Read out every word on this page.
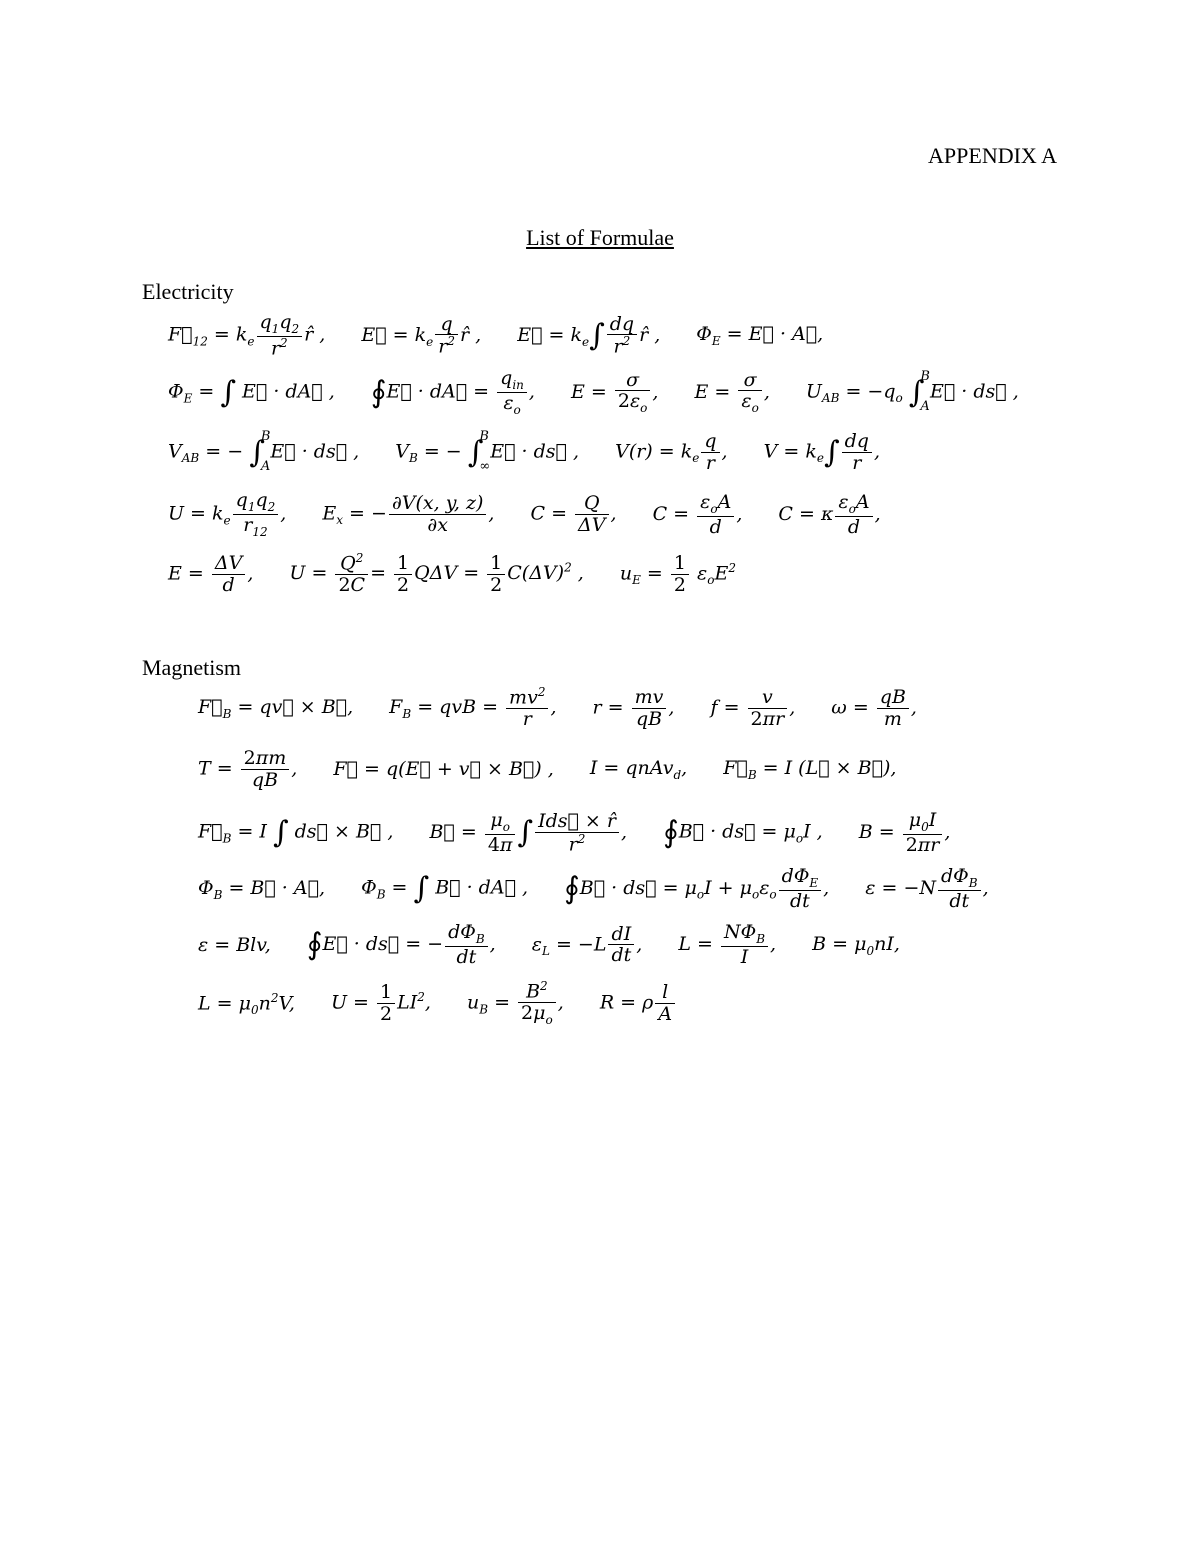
APPENDIX A
List of Formulae
Electricity
$F⃗_{12} = k_e \frac{q_1q_2}{r^2}$ r̂ , E⃗ = $k_e \frac{q}{r^2}$ r̂ , E⃗ = $k_e\int \frac{dq}{r^2}$ r̂ , $\Phi_E$ = E⃗ · A⃗,
$\Phi_E$ = ∫ E⃗ · dA⃗ , ∮E⃗ · dA⃗ = $\frac{q_{in}}{\varepsilon_o}$ , $E = \frac{\sigma}{2\varepsilon_o}$ , $E = \frac{\sigma}{\varepsilon_o}$ , $U_{AB} = -q_o$ ∫
B
A
E⃗ · ds⃗ ,
$V_{AB}$ = − ∫
B
A
E⃗ · ds⃗ , $V_B$ = − ∫
B
∞
E⃗ · ds⃗ , $V(r) = k_e \frac{q}{r}$ , $V = k_e\int \frac{dq}{r}$ ,
$U = k_e \frac{q_1q_2}{r_{12}}$ , $E_x$ = − $\frac{\partial V(x, y, z)}{\partial x}$ , $C = \frac{Q}{\Delta V}$ , $C = \frac{\varepsilon_oA}{d}$ , C = κ $\frac{\varepsilon_oA}{d}$ ,
$E = \frac{\Delta V}{d}$ , $U = \frac{Q^2}{2C} = \frac{1}{2}$ $Q\Delta V = \frac{1}{2} C(\Delta V)^2$ , $u_E = \frac{1}{2} \varepsilon_oE^2$
Magnetism
$F⃗_B$ = qv⃗ × B⃗, $F_B$ = qvB = $\frac{mv^2}{r}$ , $r = \frac{mv}{qB}$ , $f = \frac{v}{2\pi r}$ , $\omega = \frac{qB}{m}$ ,
$T = \frac{2\pi m}{qB}$ , F⃗ = q(E⃗ + v⃗ × B⃗) , I = qnAv$_d$, $F⃗_B = I$ (L⃗ × B⃗),
$F⃗_B = I$ ∫ ds⃗ × B⃗ , B⃗ = $\frac{\mu_o}{4\pi}$ ∫ $\frac{\text{Ids⃗ × r̂}}{r^2}$ , ∮B⃗ · ds⃗ = $\mu_oI$ , $B = \frac{\mu_0I}{2\pi r}$ ,
$\Phi_B$ = B⃗ · A⃗, $\Phi_B$ = ∫ B⃗ · dA⃗ , ∮B⃗ · ds⃗ = $\mu_oI + \mu_o\varepsilon_o \frac{d\Phi_E}{dt}$ , $\varepsilon = -N \frac{d\Phi_B}{dt}$ ,
ε = Blv, ∮E⃗ · ds⃗ = − $\frac{d\Phi_B}{dt}$ , $\varepsilon_L = -L \frac{dI}{dt}$ , $L = \frac{N\Phi_B}{I}$ , $B = \mu_0nI$,
$L = \mu_0n^2V$, $U = \frac{1}{2} LI^2$, $u_B = \frac{B^2}{2\mu_o}$ , R = ρ $\frac{l}{A}$
